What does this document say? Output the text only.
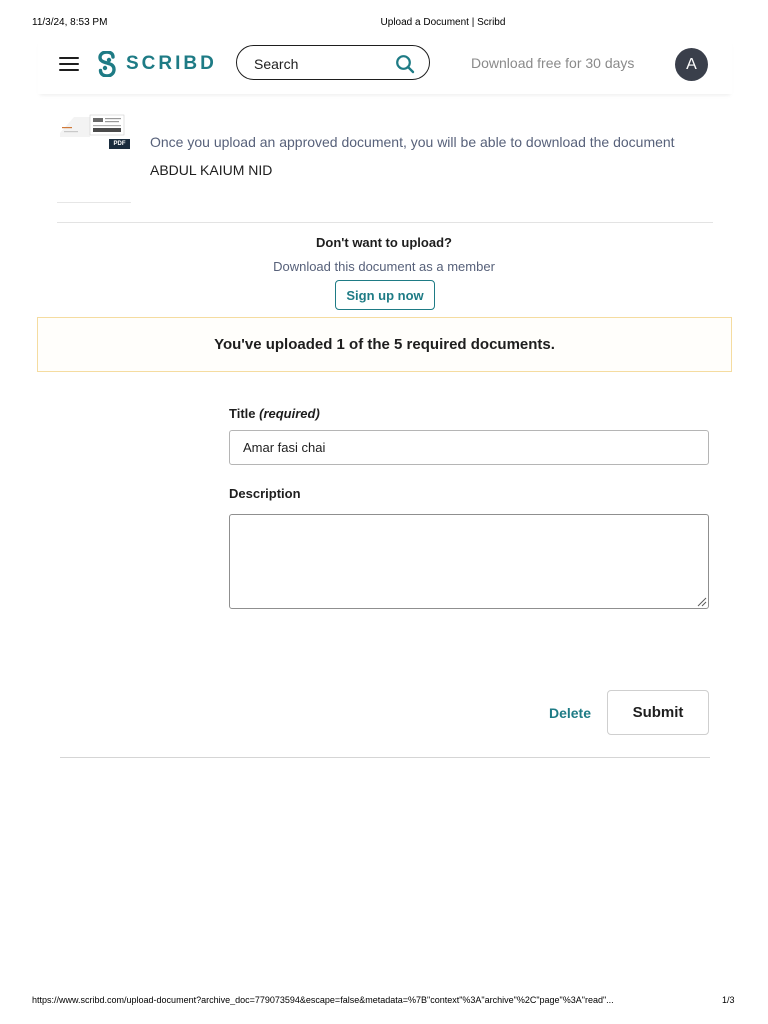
11/3/24, 8:53 PM	Upload a Document | Scribd
SCRIBD
Search	Download free for 30 days	A
PDF	Once you upload an approved document, you will be able to download the document
ABDUL KAIUM NID
Don't want to upload?
Download this document as a member
Sign up now
You've uploaded 1 of the 5 required documents.
Title (required)
Amar fasi chai
Description
Delete	Submit
https://www.scribd.com/upload-document?archive_doc=779073594&escape=false&metadata=%7B"context"%3A"archive"%2C"page"%3A"read"...	1/3
